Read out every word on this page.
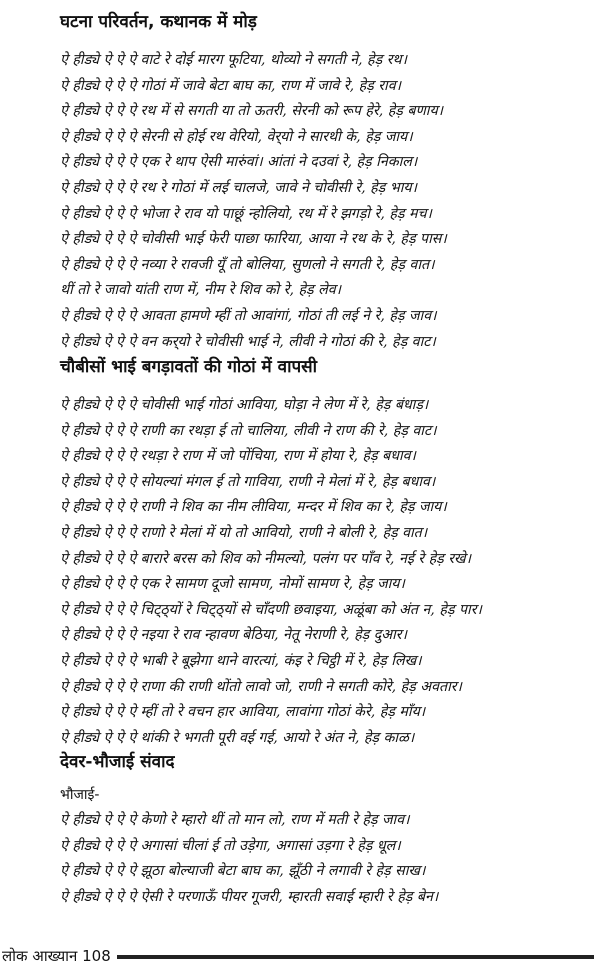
घटना परिवर्तन, कथानक में मोड़
ऐ हीड्ये ऐ ऐ ऐ वाटे रे दोई मारग फूटिया, थोव्यो ने सगती ने, हेड़ रथ।
ऐ हीड्ये ऐ ऐ ऐ गोठां में जावे बेटा बाघ का, राण में जावे रे, हेड़ राव।
ऐ हीड्ये ऐ ऐ ऐ रथ में से सगती या तो ऊतरी, सेरनी को रूप हेरे, हेड़ बणाय।
ऐ हीड्ये ऐ ऐ ऐ सेरनी से होई रथ वेरियो, वेर्‌यो ने सारथी के, हेड़ जाय।
ऐ हीड्ये ऐ ऐ ऐ एक रे थाप ऐसी मारुंवां। आंतां ने दउवां रे, हेड़ निकाल।
ऐ हीड्ये ऐ ऐ ऐ रथ रे गोठां में लई चालजे, जावे ने चोवीसी रे, हेड़ भाय।
ऐ हीड्ये ऐ ऐ ऐ भोजा रे राव यो पाछूं न्होलियो, रथ में रे झगड़ो रे, हेड़ मच।
ऐ हीड्ये ऐ ऐ ऐ चोवीसी भाई फेरी पाछा फारिया, आया ने रथ के रे, हेड़ पास।
ऐ हीड्ये ऐ ऐ ऐ नव्या रे रावजी यूँ तो बोलिया, सुणलो ने सगती रे, हेड़ वात।
थीं तो रे जावो यांती राण में, नीम रे शिव को रे, हेड़ लेव।
ऐ हीड्ये ऐ ऐ ऐ आवता हामणे म्हीं तो आवांगां, गोठां ती लई ने रे, हेड़ जाव।
ऐ हीड्ये ऐ ऐ ऐ वन कर्‌यो रे चोवीसी भाई ने, लीवी ने गोठां की रे, हेड़ वाट।
चौबीसों भाई बगड़ावतों की गोठां में वापसी
ऐ हीड्ये ऐ ऐ ऐ चोवीसी भाई गोठां आविया, घोड़ा ने लेण में रे, हेड़ बंधाड़।
ऐ हीड्ये ऐ ऐ ऐ राणी का रथड़ा ई तो चालिया, लीवी ने राण की रे, हेड़ वाट।
ऐ हीड्ये ऐ ऐ ऐ रथड़ा रे राण में जो पोंचिया, राण में होया रे, हेड़ बधाव।
ऐ हीड्ये ऐ ऐ ऐ सोयल्यां मंगल ई तो गाविया, राणी ने मेलां में रे, हेड़ बधाव।
ऐ हीड्ये ऐ ऐ ऐ राणी ने शिव का नीम लीविया, मन्दर में शिव का रे, हेड़ जाय।
ऐ हीड्ये ऐ ऐ ऐ राणो रे मेलां में यो तो आवियो, राणी ने बोली रे, हेड़ वात।
ऐ हीड्ये ऐ ऐ ऐ बारारे बरस को शिव को नीमल्यो, पलंग पर पाँव रे, नई रे हेड़ रखे।
ऐ हीड्ये ऐ ऐ ऐ एक रे सामण दूजो सामण, नोमों सामण रे, हेड़ जाय।
ऐ हीड्ये ऐ ऐ ऐ चिट्ठ्यों रे चिट्ठ्यों से चाँदणी छवाइया, अळूंबा को अंत न, हेड़ पार।
ऐ हीड्ये ऐ ऐ ऐ नइया रे राव न्हावण बेठिया, नेतू नेराणी रे, हेड़ दुआर।
ऐ हीड्ये ऐ ऐ ऐ भाबी रे बूझेगा थाने वारत्यां, कंइ रे चिट्ठी में रे, हेड़ लिख।
ऐ हीड्ये ऐ ऐ ऐ राणा की राणी थोंतो लावो जो, राणी ने सगती कोरे, हेड़ अवतार।
ऐ हीड्ये ऐ ऐ ऐ म्हीं तो रे वचन हार आविया, लावांगा गोठां केरे, हेड़ माँय।
ऐ हीड्ये ऐ ऐ ऐ थांकी रे भगती पूरी वई गई, आयो रे अंत ने, हेड़ काळ।
देवर-भौजाई संवाद
भौजाई-
ऐ हीड्ये ऐ ऐ ऐ केणो रे म्हारो थीं तो मान लो, राण में मती रे हेड़ जाव।
ऐ हीड्ये ऐ ऐ ऐ अगासां चीलां ई तो उड़ेगा, अगासां उड़गा रे हेड़ धूल।
ऐ हीड्ये ऐ ऐ ऐ झूठा बोल्याजी बेटा बाघ का, झूँठी ने लगावी रे हेड़ साख।
ऐ हीड्ये ऐ ऐ ऐ ऐसी रे परणाऊँ पीयर गूजरी, म्हारती सवाई म्हारी रे हेड़ बेन।
लोक आख्यान 108
